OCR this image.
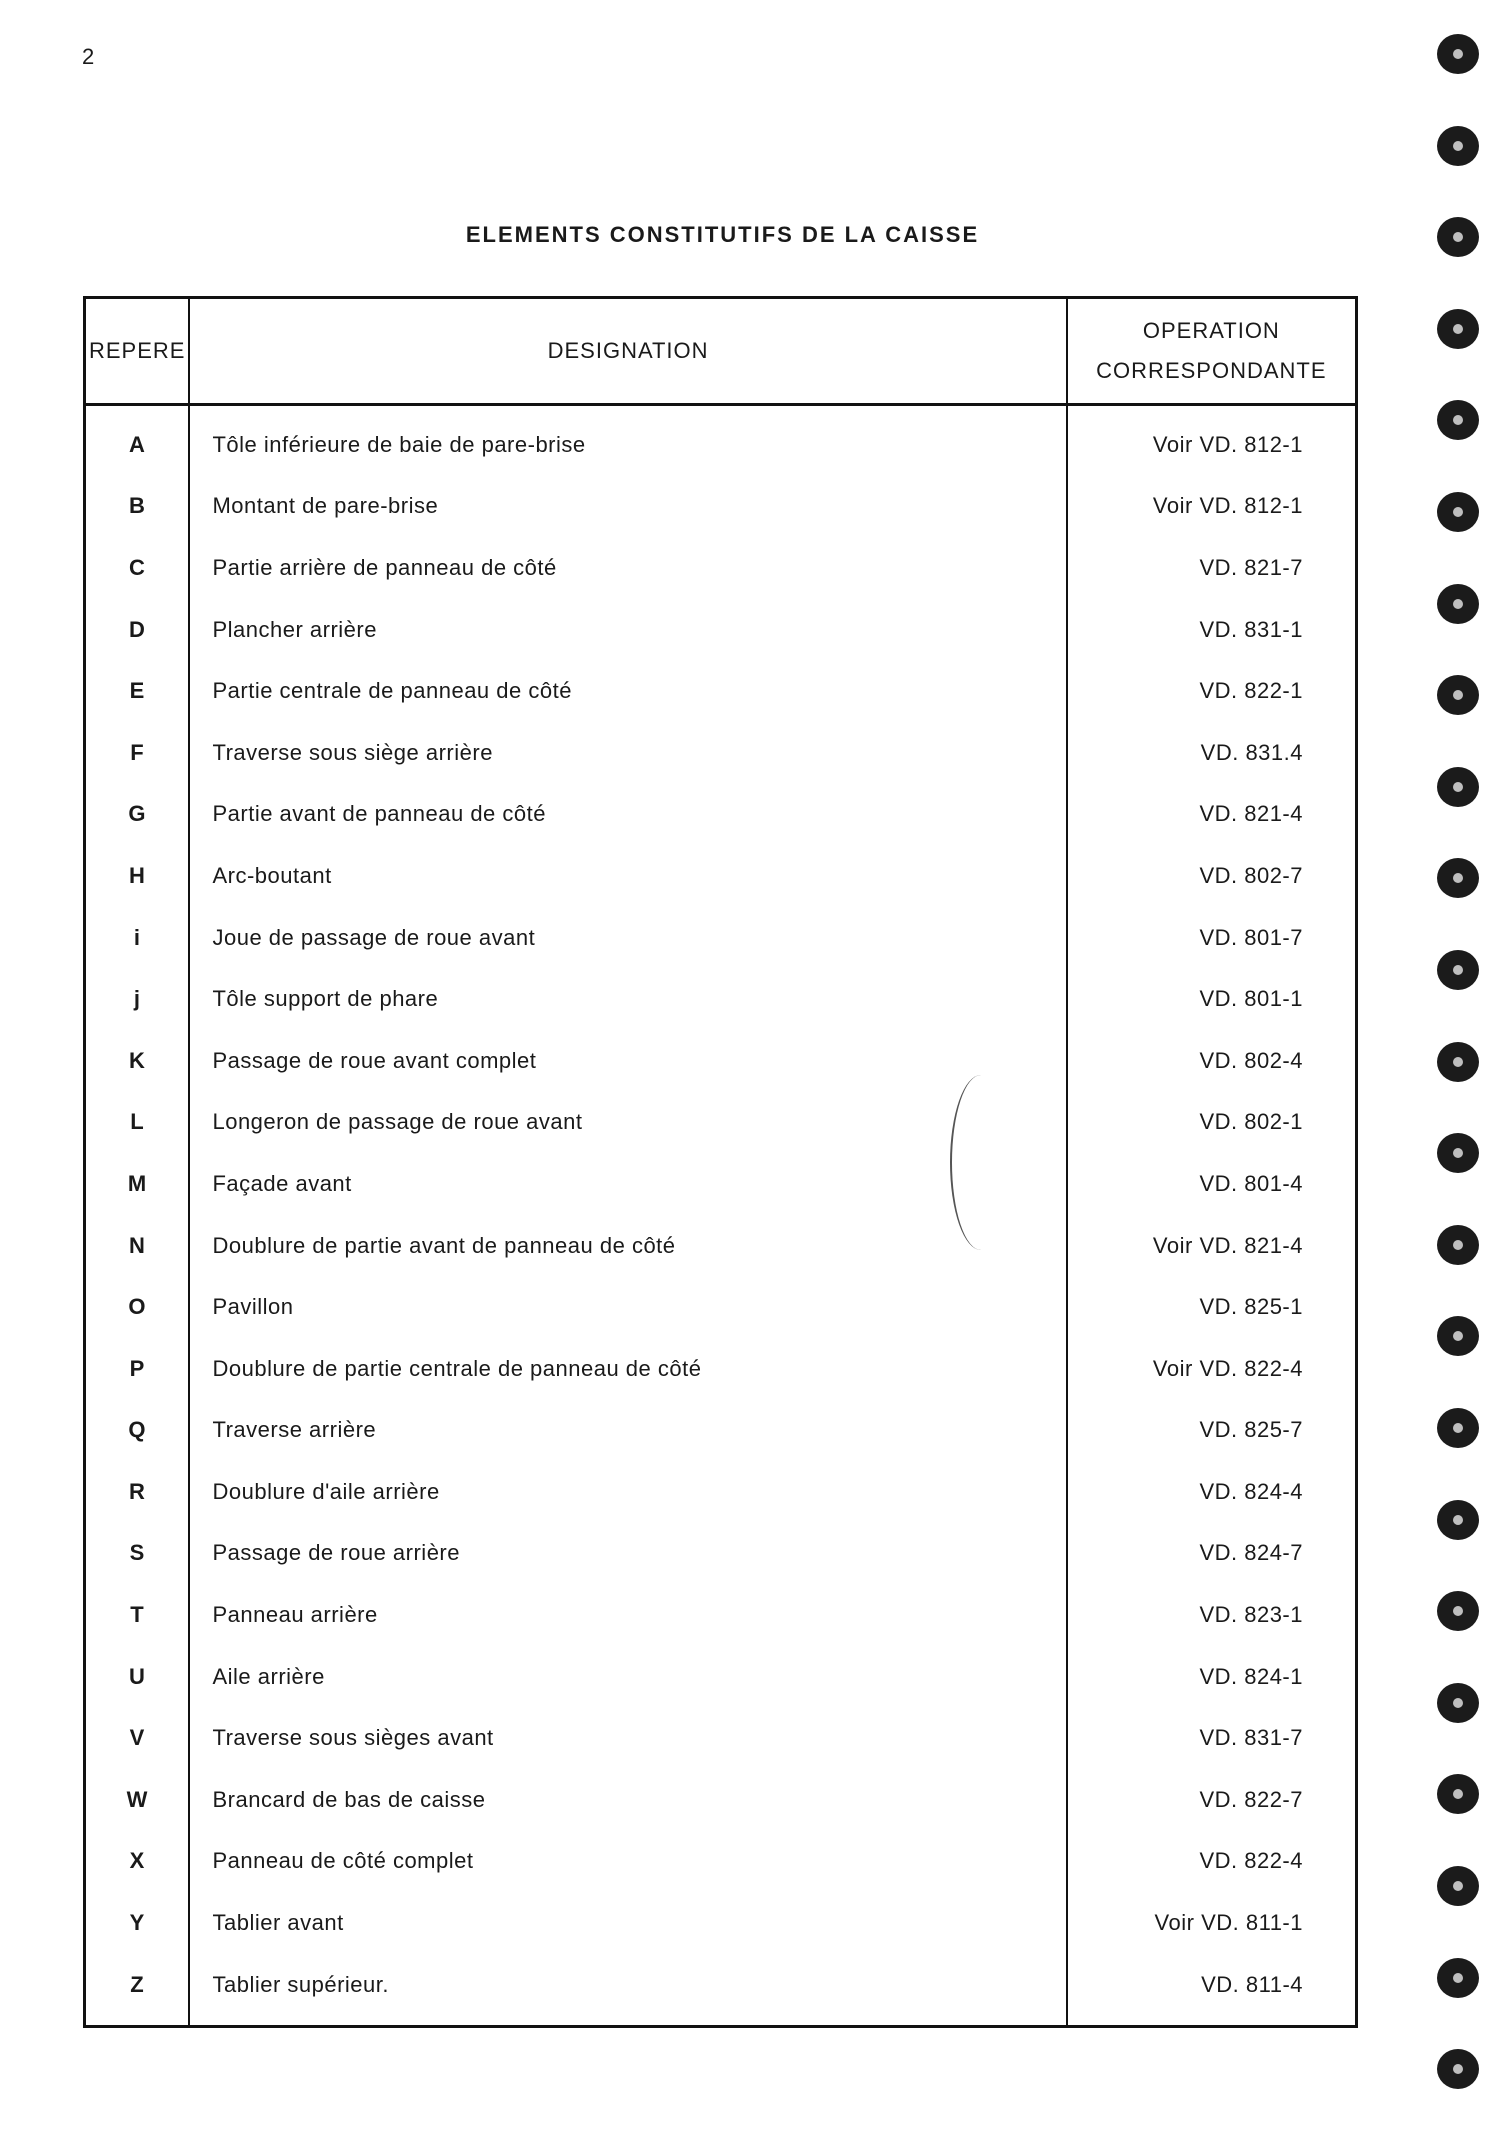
2
ELEMENTS CONSTITUTIFS DE LA CAISSE
REPERE	DESIGNATION	OPERATION
CORRESPONDANTE

A	Tôle inférieure de baie de pare-brise	Voir VD. 812-1
B	Montant de pare-brise	Voir VD. 812-1
C	Partie arrière de panneau de côté	VD. 821-7
D	Plancher arrière	VD. 831-1
E	Partie centrale de panneau de côté	VD. 822-1
F	Traverse sous siège arrière	VD. 831.4
G	Partie avant de panneau de côté	VD. 821-4
H	Arc-boutant	VD. 802-7
i	Joue de passage de roue avant	VD. 801-7
j	Tôle support de phare	VD. 801-1
K	Passage de roue avant complet	VD. 802-4
L	Longeron de passage de roue avant	VD. 802-1
M	Façade avant	VD. 801-4
N	Doublure de partie avant de panneau de côté	Voir VD. 821-4
O	Pavillon	VD. 825-1
P	Doublure de partie centrale de panneau de côté	Voir VD. 822-4
Q	Traverse arrière	VD. 825-7
R	Doublure d'aile arrière	VD. 824-4
S	Passage de roue arrière	VD. 824-7
T	Panneau arrière	VD. 823-1
U	Aile arrière	VD. 824-1
V	Traverse sous sièges avant	VD. 831-7
W	Brancard de bas de caisse	VD. 822-7
X	Panneau de côté complet	VD. 822-4
Y	Tablier avant	Voir VD. 811-1
Z	Tablier supérieur.	VD. 811-4
